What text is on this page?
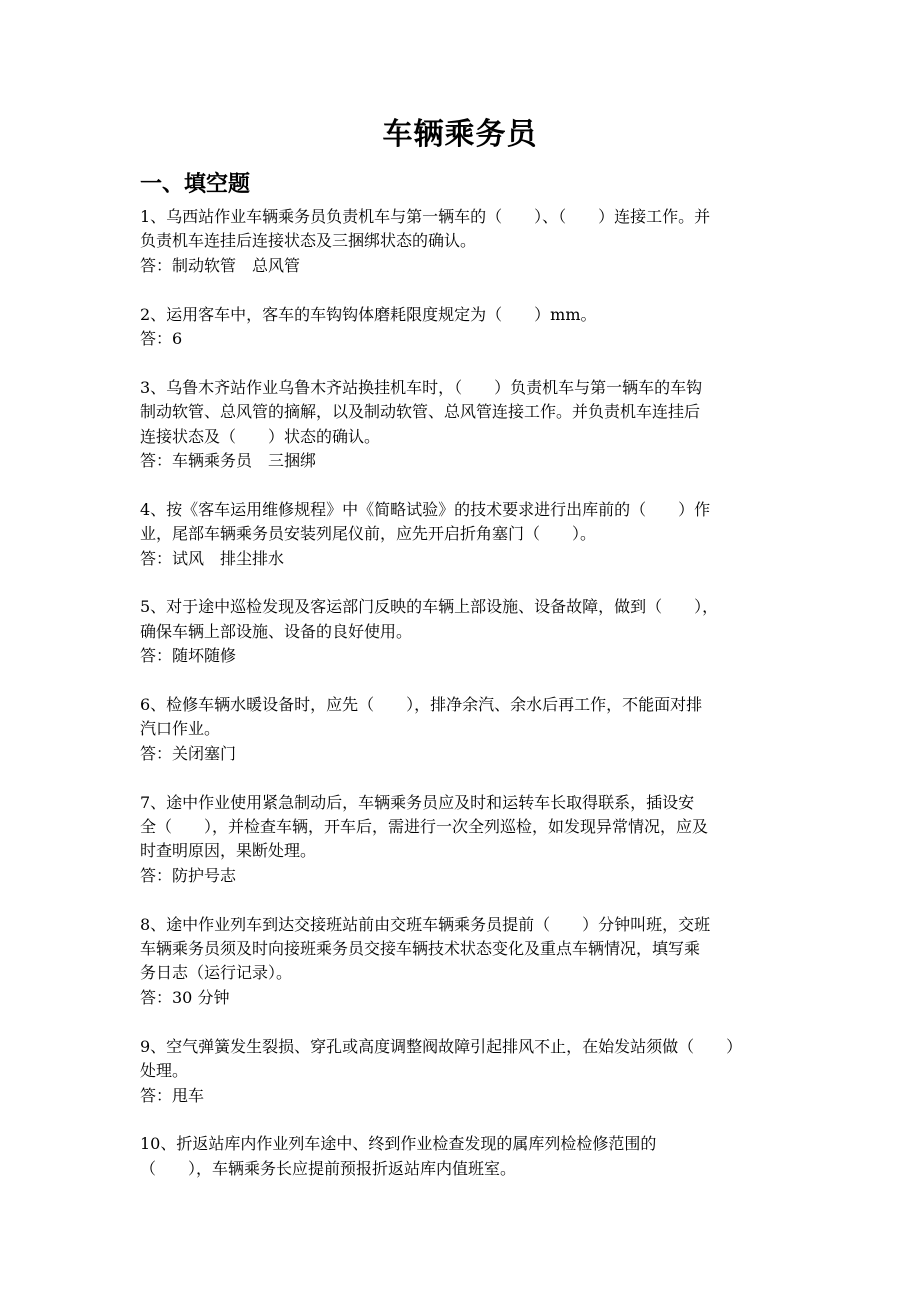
车辆乘务员
一、填空题
1、乌西站作业车辆乘务员负责机车与第一辆车的（　　）、（　　）连接工作。并
负责机车连挂后连接状态及三捆绑状态的确认。
答：制动软管　总风管
2、运用客车中，客车的车钩钩体磨耗限度规定为（　　）mm。
答：6
3、乌鲁木齐站作业乌鲁木齐站换挂机车时，（　　）负责机车与第一辆车的车钩
制动软管、总风管的摘解，以及制动软管、总风管连接工作。并负责机车连挂后
连接状态及（　　）状态的确认。
答：车辆乘务员　三捆绑
4、按《客车运用维修规程》中《简略试验》的技术要求进行出库前的（　　）作
业，尾部车辆乘务员安装列尾仪前，应先开启折角塞门（　　）。
答：试风　排尘排水
5、对于途中巡检发现及客运部门反映的车辆上部设施、设备故障，做到（　　），
确保车辆上部设施、设备的良好使用。
答：随坏随修
6、检修车辆水暖设备时，应先（　　），排净余汽、余水后再工作，不能面对排
汽口作业。
答：关闭塞门
7、途中作业使用紧急制动后，车辆乘务员应及时和运转车长取得联系，插设安
全（　　），并检查车辆，开车后，需进行一次全列巡检，如发现异常情况，应及
时查明原因，果断处理。
答：防护号志
8、途中作业列车到达交接班站前由交班车辆乘务员提前（　　）分钟叫班，交班
车辆乘务员须及时向接班乘务员交接车辆技术状态变化及重点车辆情况，填写乘
务日志（运行记录）。
答：30 分钟
9、空气弹簧发生裂损、穿孔或高度调整阀故障引起排风不止，在始发站须做（　　）
处理。
答：甩车
10、折返站库内作业列车途中、终到作业检查发现的属库列检检修范围的
（　　），车辆乘务长应提前预报折返站库内值班室。
